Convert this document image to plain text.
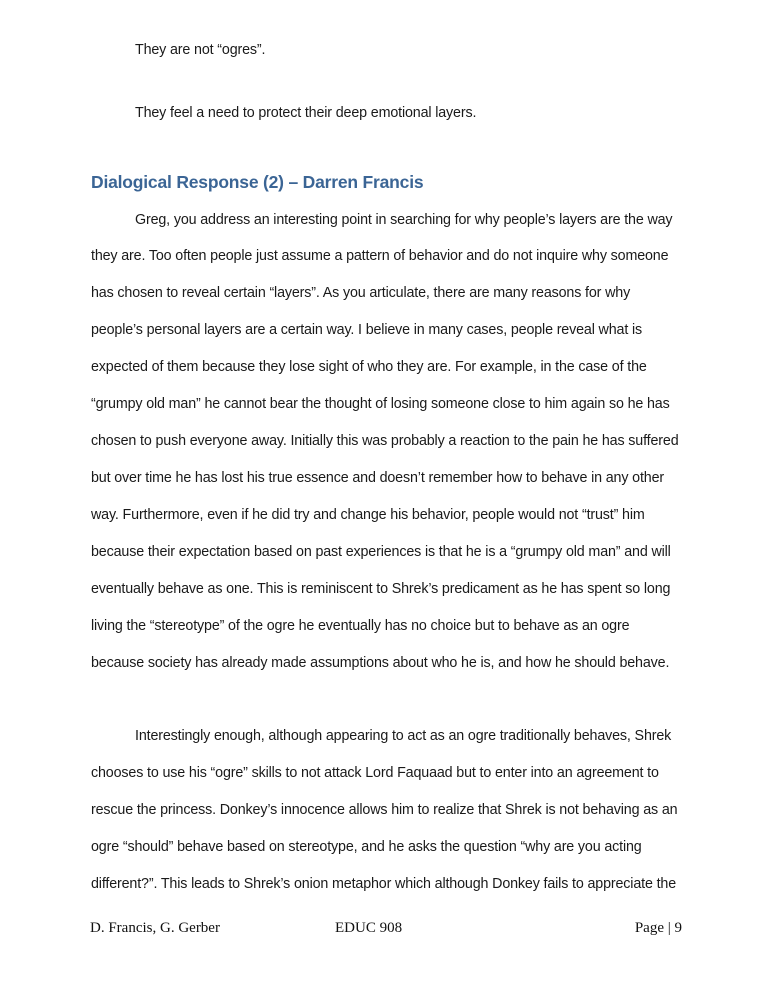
They are not “ogres”.
They feel a need to protect their deep emotional layers.
Dialogical Response (2) – Darren Francis
Greg, you address an interesting point in searching for why people’s layers are the way
they are. Too often people just assume a pattern of behavior and do not inquire why someone
has chosen to reveal certain “layers”. As you articulate, there are many reasons for why
people’s personal layers are a certain way. I believe in many cases, people reveal what is
expected of them because they lose sight of who they are. For example, in the case of the
“grumpy old man” he cannot bear the thought of losing someone close to him again so he has
chosen to push everyone away. Initially this was probably a reaction to the pain he has suffered
but over time he has lost his true essence and doesn’t remember how to behave in any other
way. Furthermore, even if he did try and change his behavior, people would not “trust” him
because their expectation based on past experiences is that he is a “grumpy old man” and will
eventually behave as one. This is reminiscent to Shrek’s predicament as he has spent so long
living the “stereotype” of the ogre he eventually has no choice but to behave as an ogre
because society has already made assumptions about who he is, and how he should behave.
Interestingly enough, although appearing to act as an ogre traditionally behaves, Shrek
chooses to use his “ogre” skills to not attack Lord Faquaad but to enter into an agreement to
rescue the princess. Donkey’s innocence allows him to realize that Shrek is not behaving as an
ogre “should” behave based on stereotype, and he asks the question “why are you acting
different?”. This leads to Shrek’s onion metaphor which although Donkey fails to appreciate the
D. Francis, G. Gerber	EDUC 908	Page | 9
